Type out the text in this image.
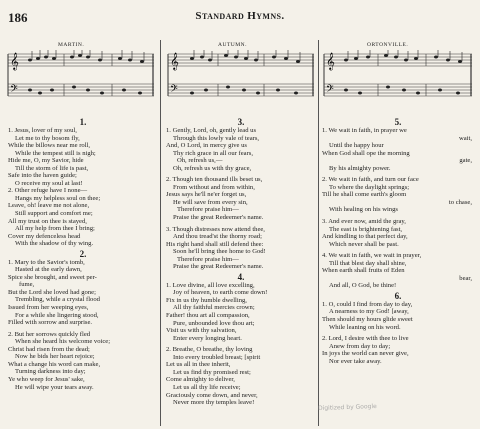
186	Standard Hymns.
MARTIN.	AUTUMN.	ORTONVILLE.
𝄞
𝄢
𝄞
𝄢
𝄞
𝄢
1.
1. Jesus, lover of my soul,
Let me to thy bosom fly,
While the billows near me roll,
While the tempest still is nigh;
Hide me, O, my Savior, hide
Till the storm of life is past,
Safe into the haven guide;
O receive my soul at last!
2. Other refuge have I none—
Hangs my helpless soul on thee;
Leave, oh! leave me not alone,
Still support and comfort me;
All my trust on thee is stayed,
All my help from thee I bring;
Cover my defenceless head
With the shadow of thy wing.
2.
1. Mary to the Savior's tomb,
Hasted at the early dawn,
Spice she brought, and sweet per-
fume,
But the Lord she loved had gone;
Trembling, while a crystal flood
Issued from her weeping eyes,
For a while she lingering stood,
Filled with sorrow and surprise.
2. But her sorrows quickly fled
When she heard his welcome voice;
Christ had risen from the dead;
Now he bids her heart rejoice;
What a change his word can make,
Turning darkness into day;
Ye who weep for Jesus' sake,
He will wipe your tears away.
3.
1. Gently, Lord, oh, gently lead us
Through this lowly vale of tears,
And, O Lord, in mercy give us
Thy rich grace in all our fears,
Oh, refresh us,—
Oh, refresh us with thy grace,
2. Though ten thousand ills beset us,
From without and from within,
Jesus says he'll ne'er forget us,
He will save from every sin,
Therefore praise him—
Praise the great Redeemer's name.
3. Though distresses now attend thee,
And thou tread'st the thorny road;
His right hand shall still defend thee:
Soon he'll bring thee home to God!
Therefore praise him—
Praise the great Redeemer's name.
4.
1. Love divine, all love excelling,
Joy of heaven, to earth come down!
Fix in us thy humble dwelling,
All thy faithful mercies crown;
Father! thou art all compassion,
Pure, unbounded love thou art;
Visit us with thy salvation,
Enter every longing heart.
2. Breathe, O breathe, thy loving
Into every troubled breast; [spirit
Let us all in thee inherit,
Let us find thy promised rest;
Come almighty to deliver,
Let us all thy life receive;
Graciously come down, and never,
Never more thy temples leave!
5.
1. We wait in faith, in prayer we
wait,
Until the happy hour
When God shall ope the morning
gate,
By his almighty power.
2. We wait in faith, and turn our face
To where the daylight springs;
Till he shall come earth's gloom
to chase,
With healing on his wings
3. And ever now, amid the gray,
The east is brightening fast,
And kindling to that perfect day,
Which never shall be past.
4. We wait in faith, we wait in prayer,
Till that blest day shall shine,
When earth shall fruits of Eden
bear,
And all, O God, be thine!
6.
1. O, could I find from day to day,
A nearness to my God! [away,
Then should my hours glide sweet
While leaning on his word.
2. Lord, I desire with thee to live
Anew from day to day;
In joys the world can never give,
Nor ever take away.
Digitized by Google
